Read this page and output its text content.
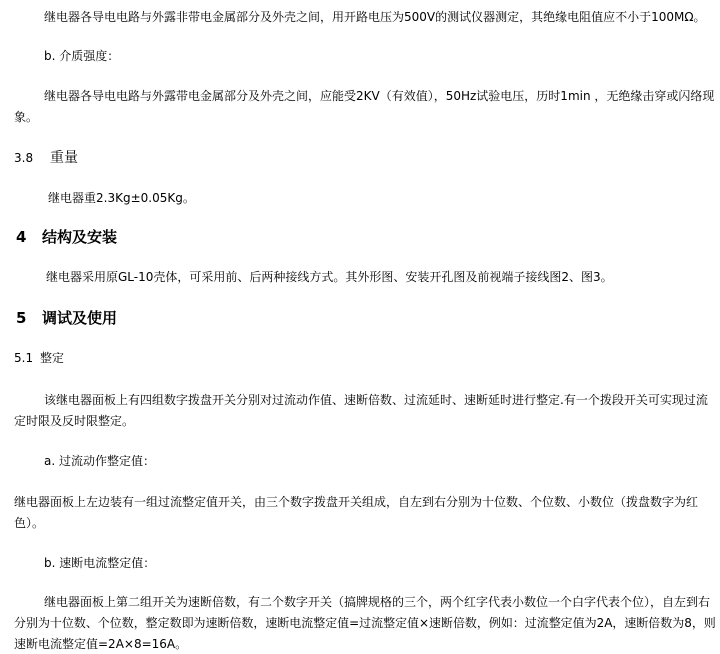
继电器各导电电路与外露非带电金属部分及外壳之间，用开路电压为500V的测试仪器测定，其绝缘电阻值应不小于100MΩ。
b. 介质强度：
继电器各导电电路与外露带电金属部分及外壳之间，应能受2KV（有效值），50Hz试验电压，历时1min ，无绝缘击穿或闪络现
象。
3.8 重量
继电器重2.3Kg±0.05Kg。
4 结构及安装
继电器采用原GL-10壳体，可采用前、后两种接线方式。其外形图、安装开孔图及前视端子接线图2、图3。
5 调试及使用
5.1 整定
该继电器面板上有四组数字拨盘开关分别对过流动作值、速断倍数、过流延时、速断延时进行整定.有一个拨段开关可实现过流
定时限及反时限整定。
a. 过流动作整定值：
继电器面板上左边装有一组过流整定值开关，由三个数字拨盘开关组成，自左到右分别为十位数、个位数、小数位（拨盘数字为红
色）。
b. 速断电流整定值：
继电器面板上第二组开关为速断倍数，有二个数字开关（搞牌规格的三个，两个红字代表小数位一个白字代表个位），自左到右
分别为十位数、个位数，整定数即为速断倍数，速断电流整定值=过流整定值×速断倍数，例如：过流整定值为2A，速断倍数为8，则
速断电流整定值=2A×8=16A。
